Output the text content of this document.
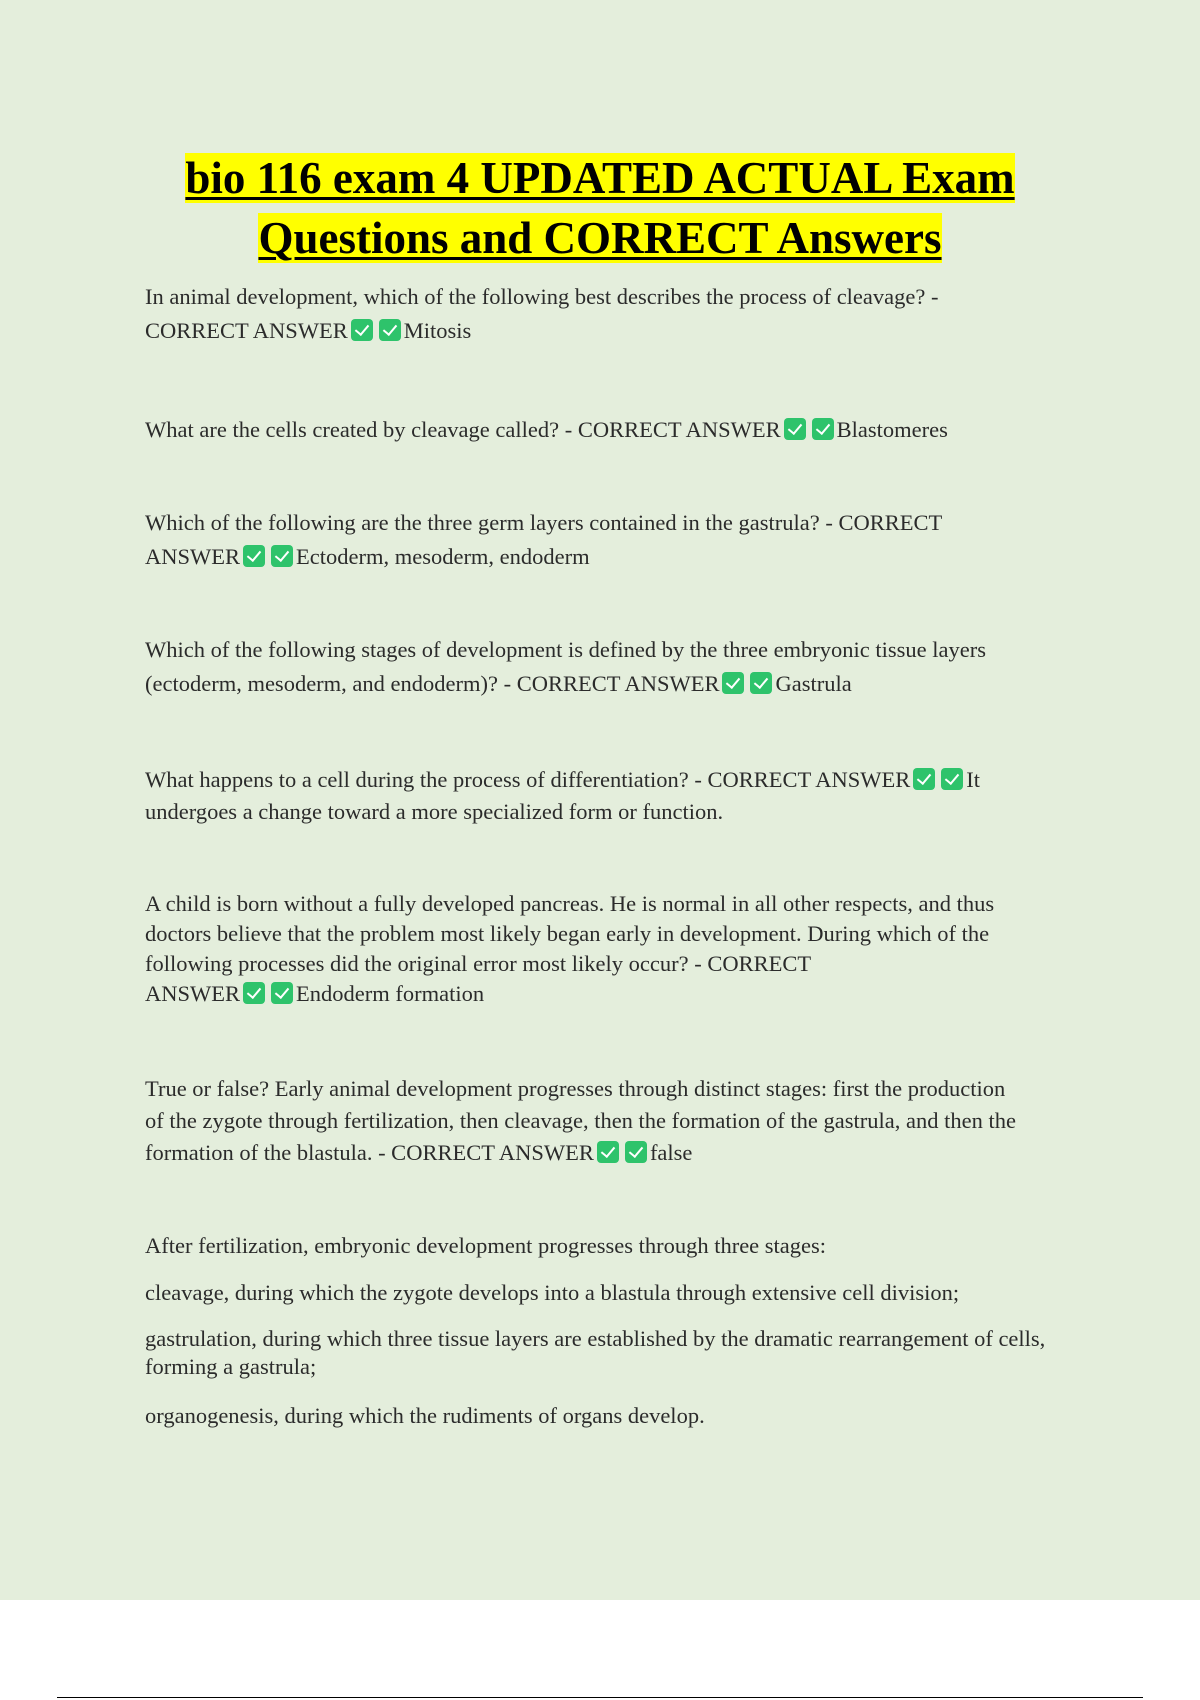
bio 116 exam 4 UPDATED ACTUAL Exam
Questions and CORRECT Answers
In animal development, which of the following best describes the process of cleavage? -
CORRECT ANSWER Mitosis
What are the cells created by cleavage called? - CORRECT ANSWER Blastomeres
Which of the following are the three germ layers contained in the gastrula? - CORRECT
ANSWER Ectoderm, mesoderm, endoderm
Which of the following stages of development is defined by the three embryonic tissue layers
(ectoderm, mesoderm, and endoderm)? - CORRECT ANSWER Gastrula
What happens to a cell during the process of differentiation? - CORRECT ANSWER It
undergoes a change toward a more specialized form or function.
A child is born without a fully developed pancreas. He is normal in all other respects, and thus
doctors believe that the problem most likely began early in development. During which of the
following processes did the original error most likely occur? - CORRECT
ANSWER Endoderm formation
True or false? Early animal development progresses through distinct stages: first the production
of the zygote through fertilization, then cleavage, then the formation of the gastrula, and then the
formation of the blastula. - CORRECT ANSWER false
After fertilization, embryonic development progresses through three stages:
cleavage, during which the zygote develops into a blastula through extensive cell division;
gastrulation, during which three tissue layers are established by the dramatic rearrangement of cells, forming a gastrula;
organogenesis, during which the rudiments of organs develop.
